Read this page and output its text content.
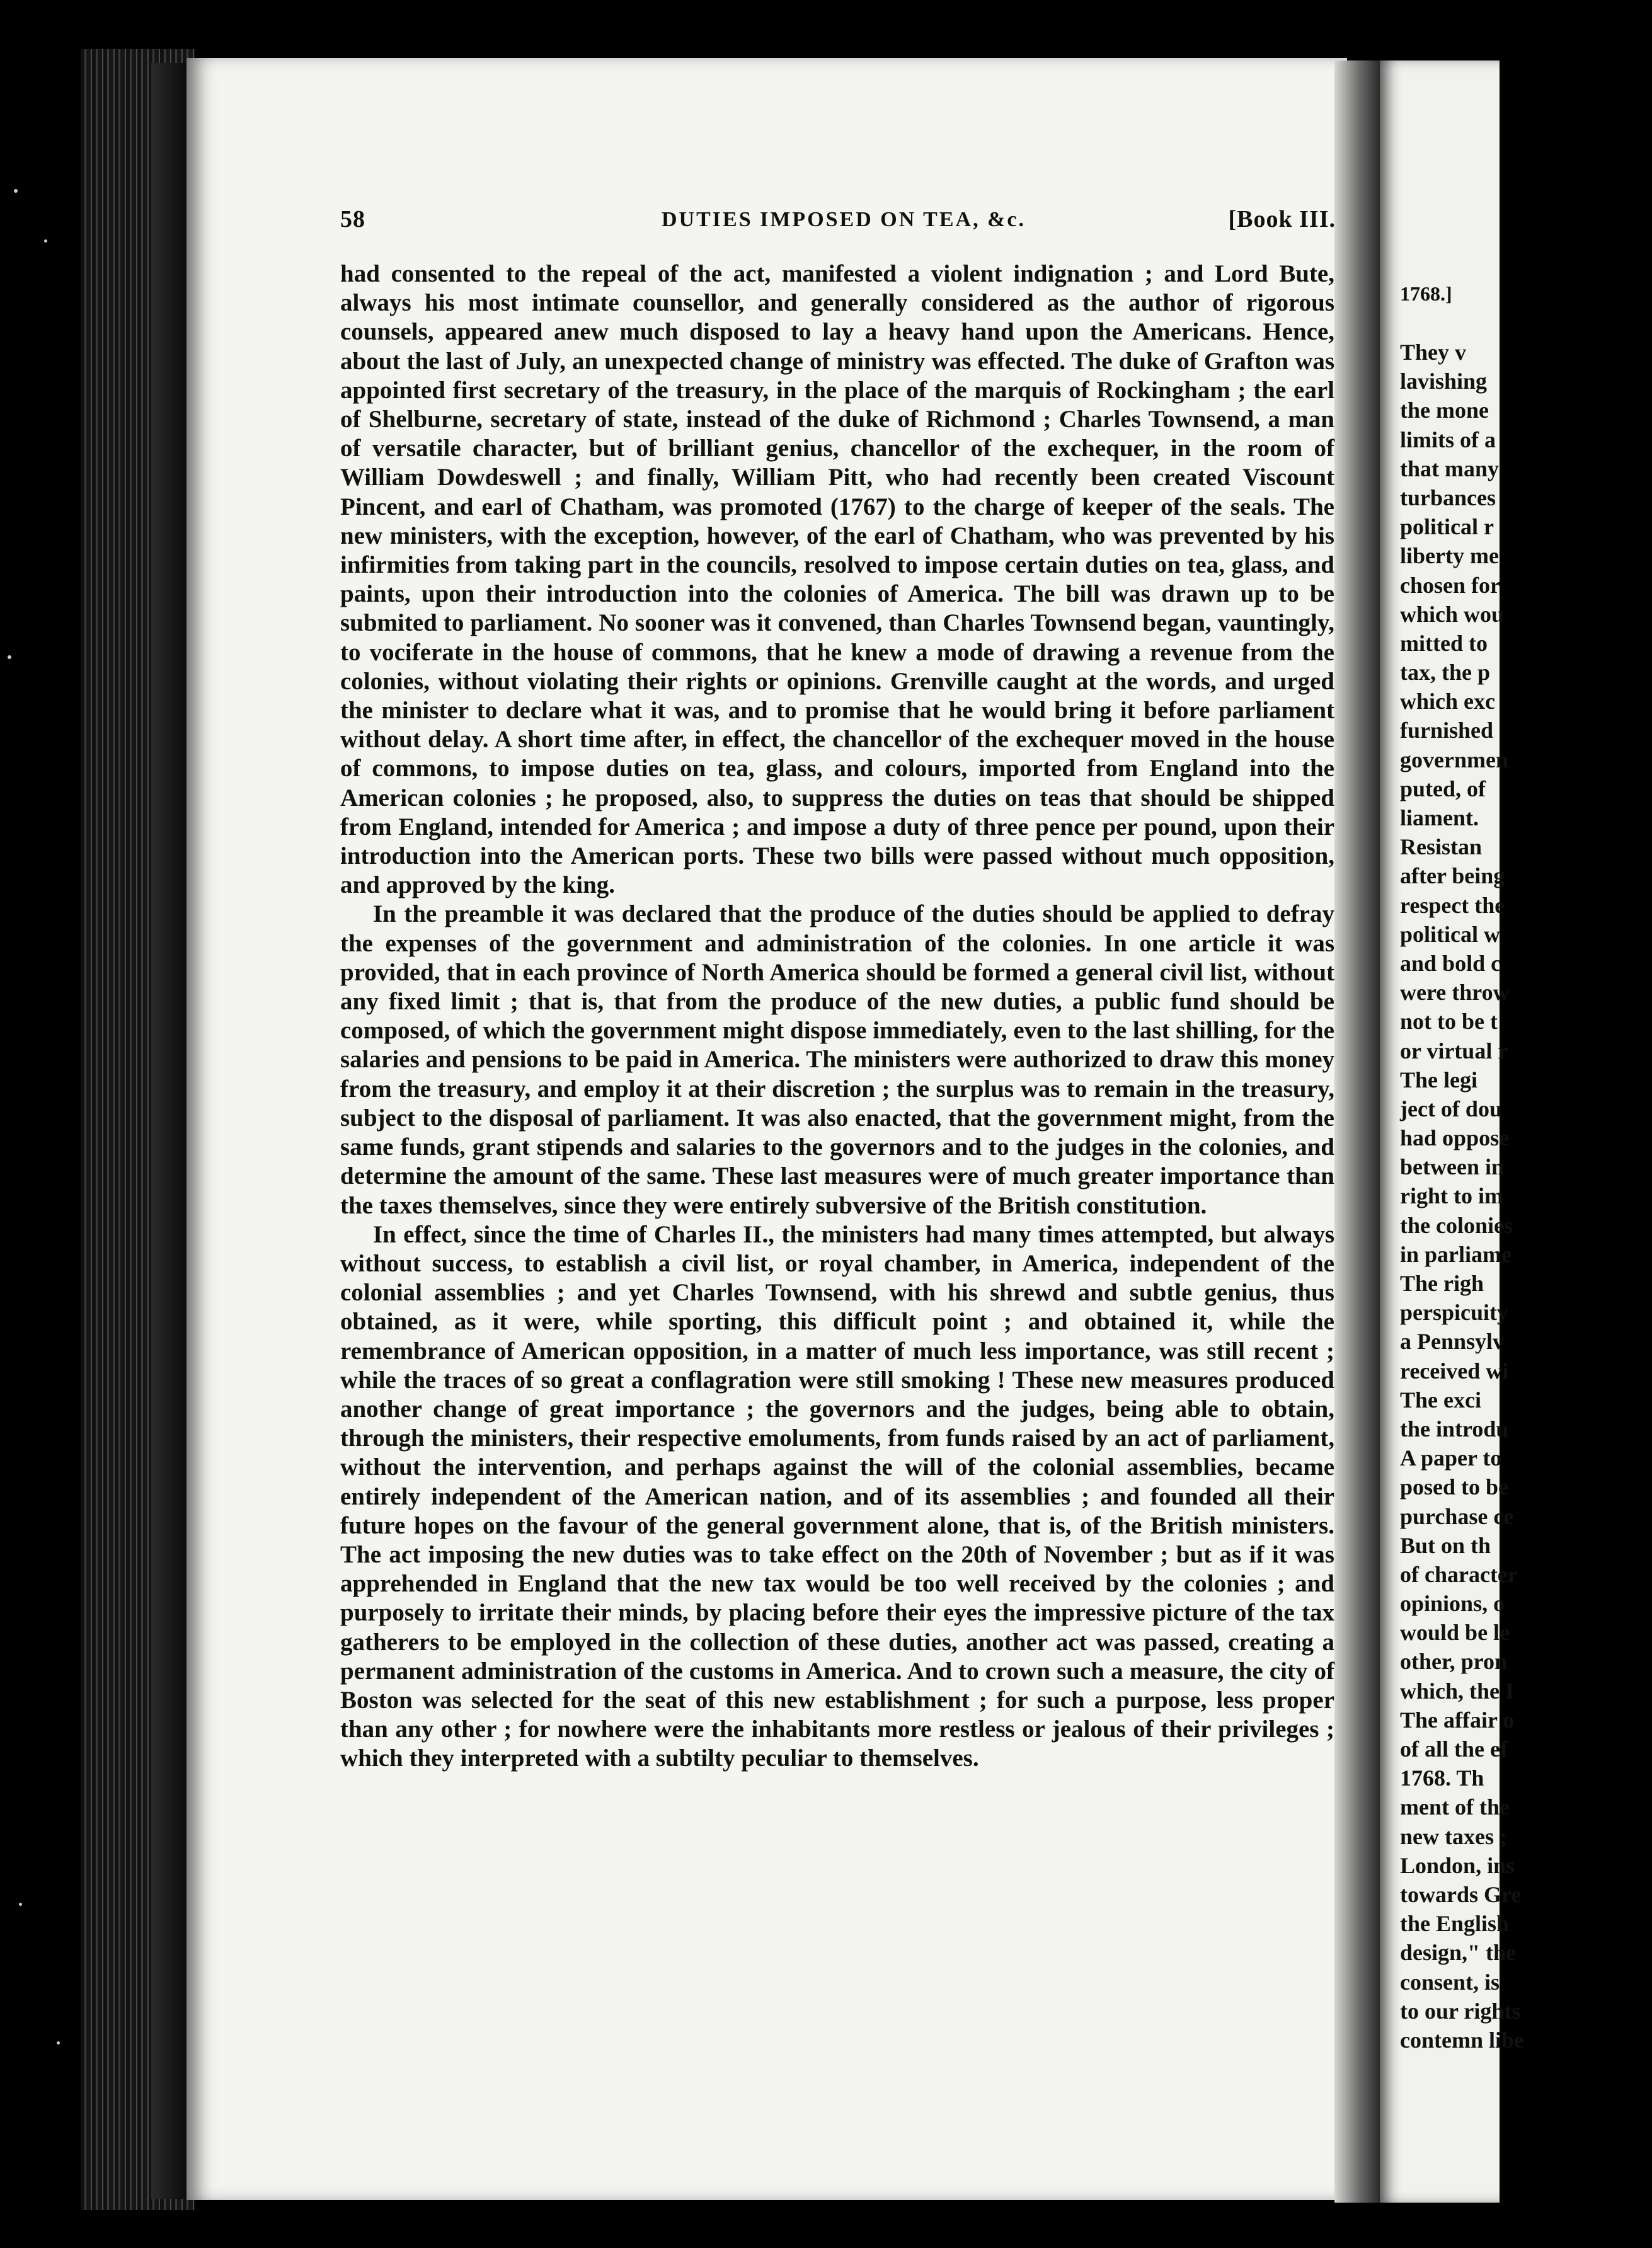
58	DUTIES IMPOSED ON TEA, &c.	[Book III.

had consented to the repeal of the act, manifested a violent indignation ; and Lord Bute, always his most intimate counsellor, and generally considered as the author of rigorous counsels, appeared anew much disposed to lay a heavy hand upon the Americans. Hence, about the last of July, an unexpected change of ministry was effected. The duke of Grafton was appointed first secretary of the treasury, in the place of the marquis of Rockingham ; the earl of Shelburne, secretary of state, instead of the duke of Richmond ; Charles Townsend, a man of versatile character, but of brilliant genius, chancellor of the exchequer, in the room of William Dowdeswell ; and finally, William Pitt, who had recently been created Viscount Pincent, and earl of Chatham, was promoted (1767) to the charge of keeper of the seals. The new ministers, with the exception, however, of the earl of Chatham, who was prevented by his infirmities from taking part in the councils, resolved to impose certain duties on tea, glass, and paints, upon their introduction into the colonies of America. The bill was drawn up to be submited to parliament. No sooner was it convened, than Charles Townsend began, vauntingly, to vociferate in the house of commons, that he knew a mode of drawing a revenue from the colonies, without violating their rights or opinions. Grenville caught at the words, and urged the minister to declare what it was, and to promise that he would bring it before parliament without delay. A short time after, in effect, the chancellor of the exchequer moved in the house of commons, to impose duties on tea, glass, and colours, imported from England into the American colonies ; he proposed, also, to suppress the duties on teas that should be shipped from England, intended for America ; and impose a duty of three pence per pound, upon their introduction into the American ports. These two bills were passed without much opposition, and approved by the king.

In the preamble it was declared that the produce of the duties should be applied to defray the expenses of the government and administration of the colonies. In one article it was provided, that in each province of North America should be formed a general civil list, without any fixed limit ; that is, that from the produce of the new duties, a public fund should be composed, of which the government might dispose immediately, even to the last shilling, for the salaries and pensions to be paid in America. The ministers were authorized to draw this money from the treasury, and employ it at their discretion ; the surplus was to remain in the treasury, subject to the disposal of parliament. It was also enacted, that the government might, from the same funds, grant stipends and salaries to the governors and to the judges in the colonies, and determine the amount of the same. These last measures were of much greater importance than the taxes themselves, since they were entirely subversive of the British constitution.

In effect, since the time of Charles II., the ministers had many times attempted, but always without success, to establish a civil list, or royal chamber, in America, independent of the colonial assemblies ; and yet Charles Townsend, with his shrewd and subtle genius, thus obtained, as it were, while sporting, this difficult point ; and obtained it, while the remembrance of American opposition, in a matter of much less importance, was still recent ; while the traces of so great a conflagration were still smoking ! These new measures produced another change of great importance ; the governors and the judges, being able to obtain, through the ministers, their respective emoluments, from funds raised by an act of parliament, without the intervention, and perhaps against the will of the colonial assemblies, became entirely independent of the American nation, and of its assemblies ; and founded all their future hopes on the favour of the general government alone, that is, of the British ministers. The act imposing the new duties was to take effect on the 20th of November ; but as if it was apprehended in England that the new tax would be too well received by the colonies ; and purposely to irritate their minds, by placing before their eyes the impressive picture of the tax gatherers to be employed in the collection of these duties, another act was passed, creating a permanent administration of the customs in America. And to crown such a measure, the city of Boston was selected for the seat of this new establishment ; for such a purpose, less proper than any other ; for nowhere were the inhabitants more restless or jealous of their privileges ; which they interpreted with a subtilty peculiar to themselves.

1768.]
They v
lavishing
the mone
limits of a
that many
turbances
political r
liberty me
chosen for
which wou
mitted to
tax, the p
which exc
furnished
governmen
puted, of
liament.
Resistan
after being
respect the
political w
and bold c
were throw
not to be t
or virtual r
The legi
ject of dou
had oppose
between in
right to im
the colonies
in parliame
The righ
perspicuity
a Pennsylv
received wi
The exci
the introdu
A paper to
posed to be
purchase ce
But on th
of character
opinions, o
would be le
other, pron
which, the I
The affair o
of all the ef
1768. Th
ment of the
new taxes ;
London, ins
towards Gre
the English
design," the
consent, is
to our rights
contemn libe
